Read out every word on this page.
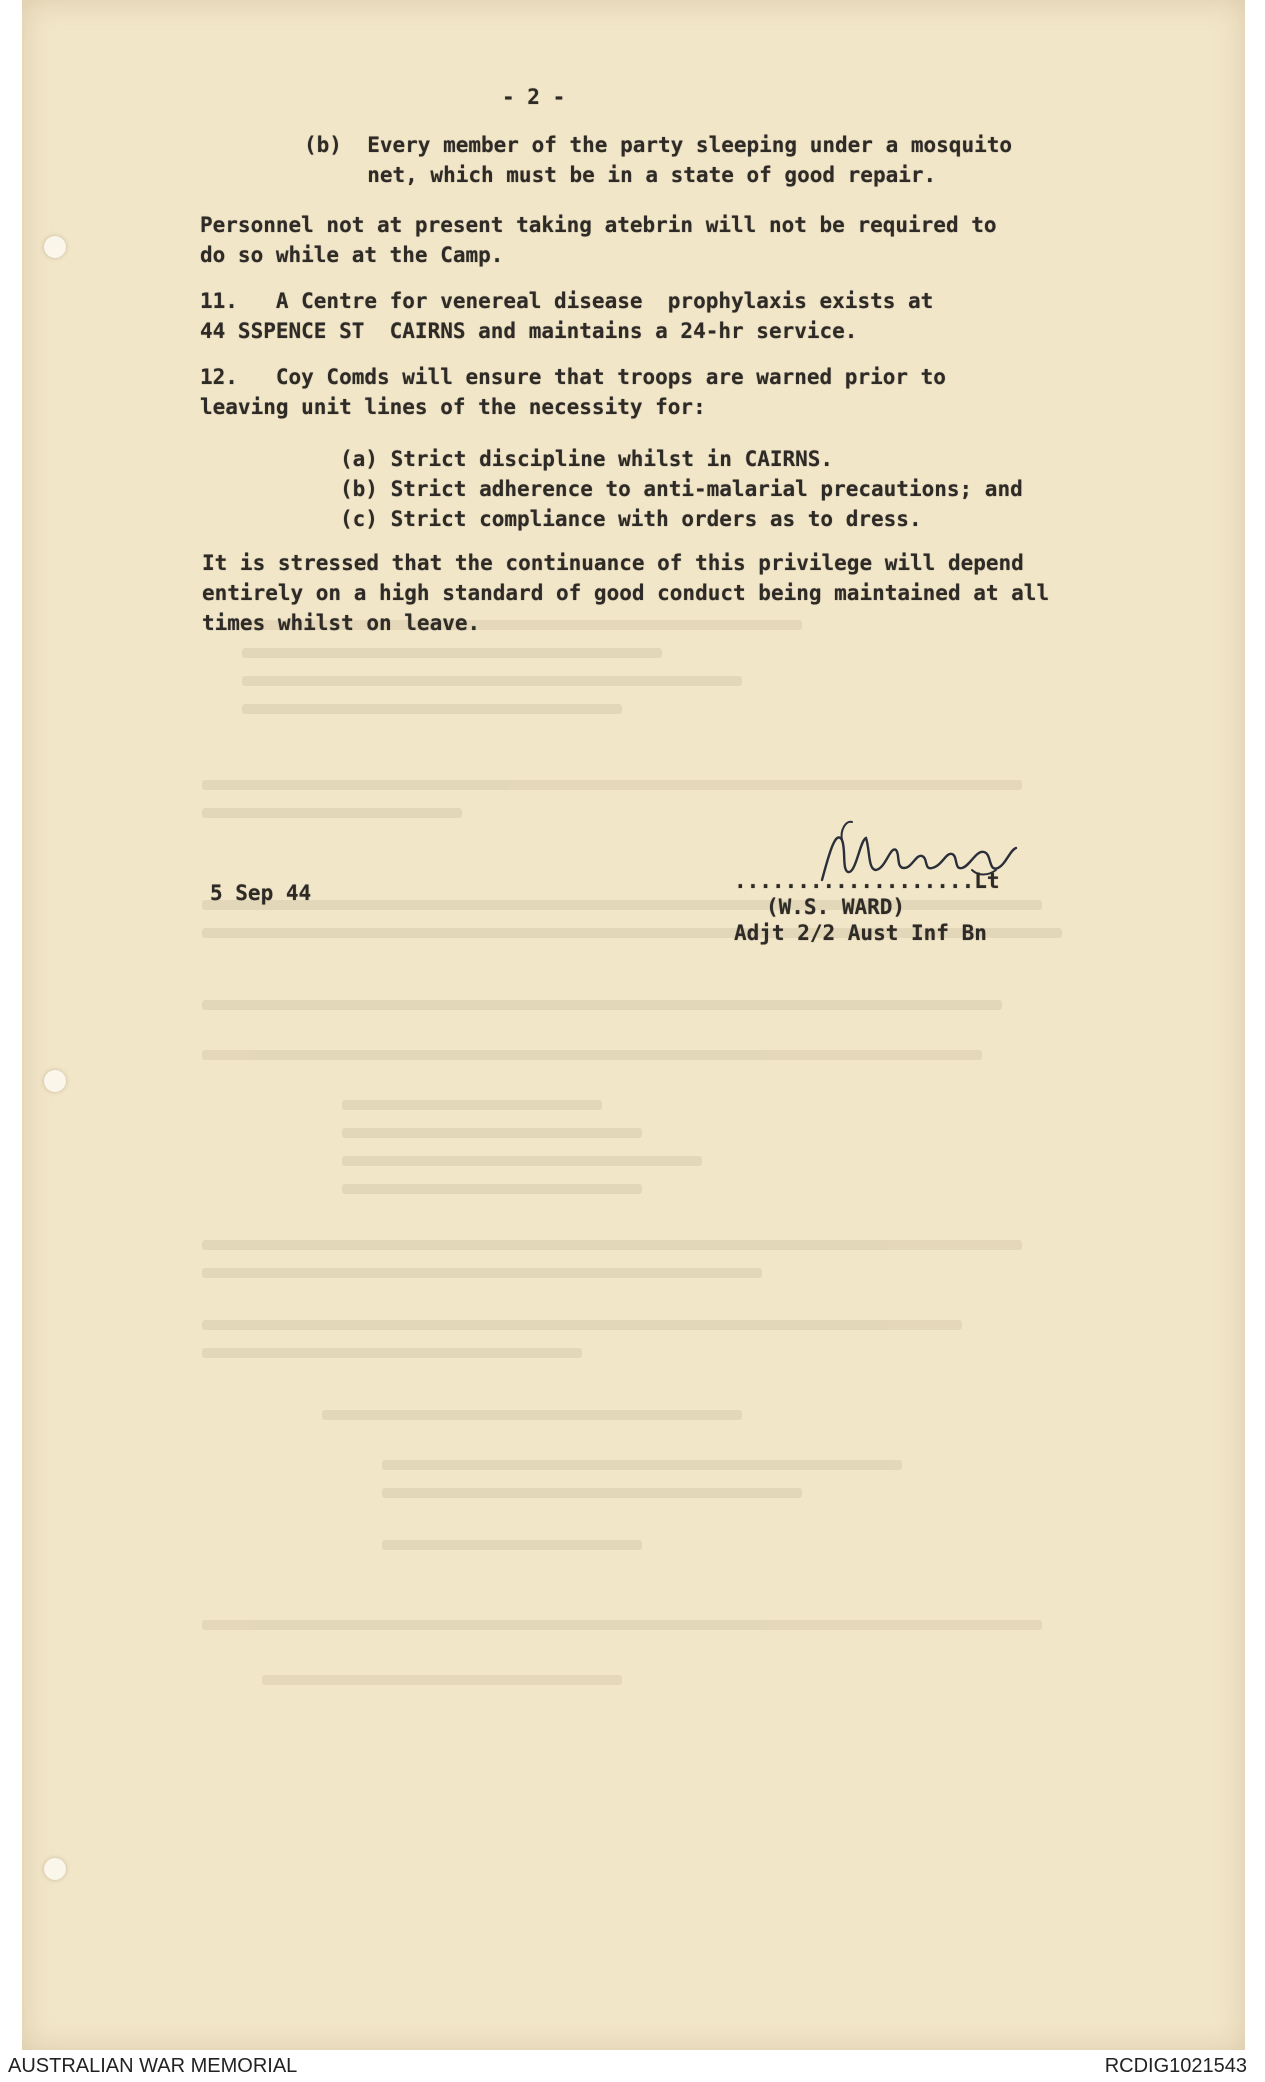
- 2 -
(b)  Every member of the party sleeping under a mosquito
net, which must be in a state of good repair.
Personnel not at present taking atebrin will not be required to
do so while at the Camp.
11.   A Centre for venereal disease  prophylaxis exists at
44 SSPENCE ST  CAIRNS and maintains a 24-hr service.
12.   Coy Comds will ensure that troops are warned prior to
leaving unit lines of the necessity for:
(a) Strict discipline whilst in CAIRNS.
(b) Strict adherence to anti-malarial precautions; and
(c) Strict compliance with orders as to dress.
It is stressed that the continuance of this privilege will depend
entirely on a high standard of good conduct being maintained at all
times whilst on leave.
5 Sep 44	...................Lt
(W.S. WARD)
Adjt 2/2 Aust Inf Bn
AUSTRALIAN WAR MEMORIAL	RCDIG1021543
